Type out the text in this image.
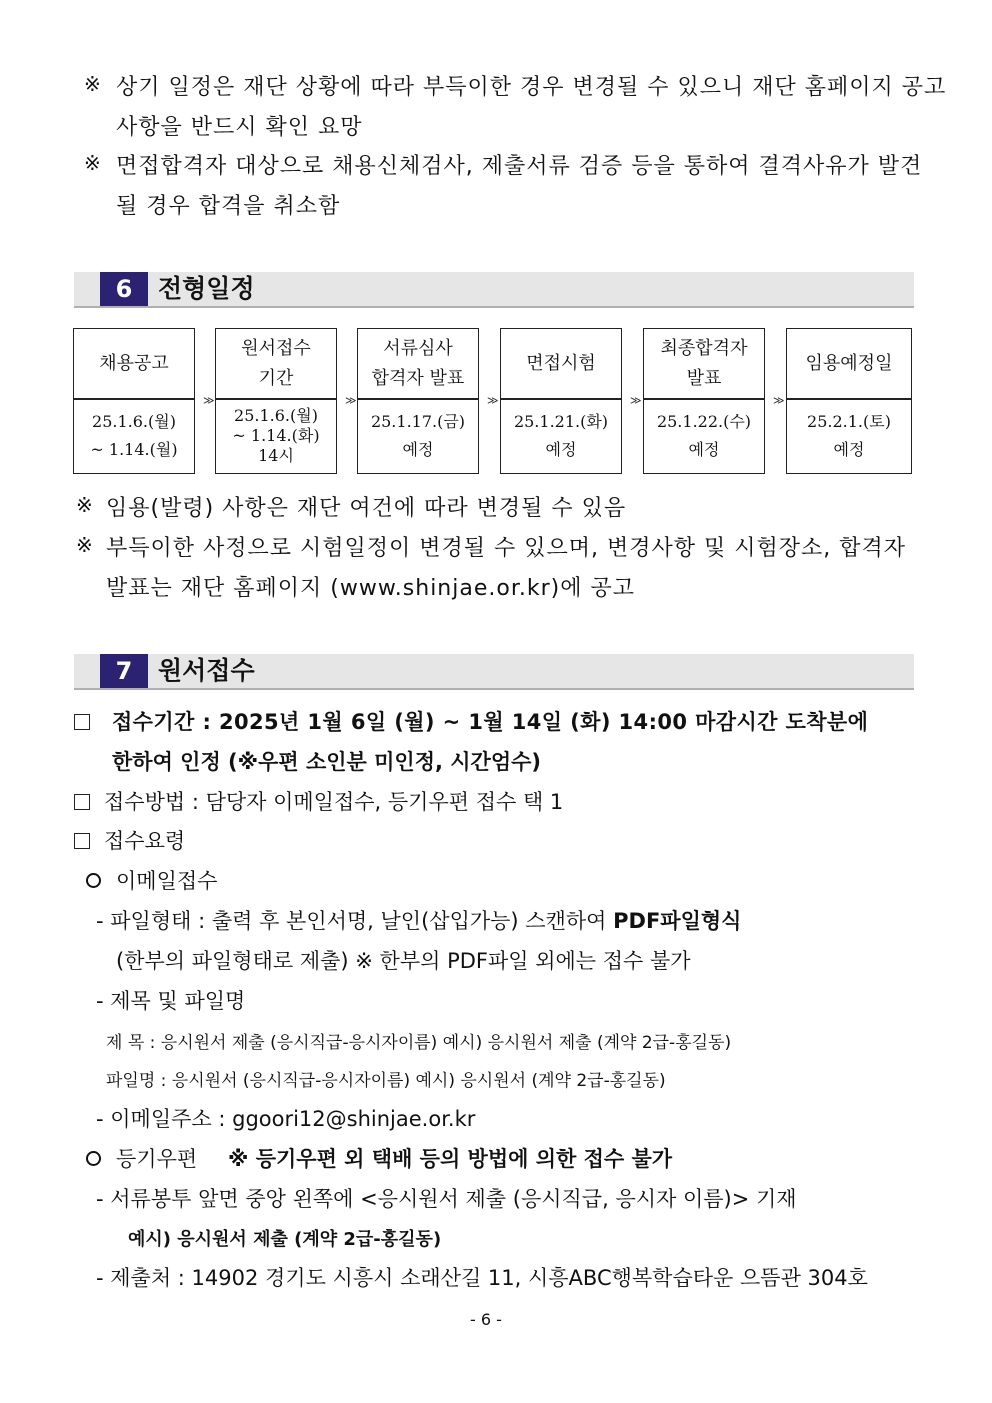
※ 상기 일정은 재단 상황에 따라 부득이한 경우 변경될 수 있으니 재단 홈페이지 공고
사항을 반드시 확인 요망
※ 면접합격자 대상으로 채용신체검사, 제출서류 검증 등을 통하여 결격사유가 발견
될 경우 합격을 취소함
6	전형일정
채용공고
25.1.6.(월)
~ 1.14.(월)
≫
원서접수
기간
25.1.6.(월)
~ 1.14.(화)
14시
≫
서류심사
합격자 발표
25.1.17.(금)
예정
≫
면접시험
25.1.21.(화)
예정
≫
최종합격자
발표
25.1.22.(수)
예정
≫
임용예정일
25.2.1.(토)
예정
※ 임용(발령) 사항은 재단 여건에 따라 변경될 수 있음
※ 부득이한 사정으로 시험일정이 변경될 수 있으며, 변경사항 및 시험장소, 합격자
발표는 재단 홈페이지 (www.shinjae.or.kr)에 공고
7	원서접수
접수기간 : 2025년 1월 6일 (월) ~ 1월 14일 (화) 14:00 마감시간 도착분에
한하여 인정 (※우편 소인분 미인정, 시간엄수)
접수방법 : 담당자 이메일접수, 등기우편 접수 택 1
접수요령
이메일접수
- 파일형태 : 출력 후 본인서명, 날인(삽입가능) 스캔하여 PDF파일형식
(한부의 파일형태로 제출) ※ 한부의 PDF파일 외에는 접수 불가
- 제목 및 파일명
제 목 : 응시원서 제출 (응시직급-응시자이름) 예시) 응시원서 제출 (계약 2급-홍길동)
파일명 : 응시원서 (응시직급-응시자이름) 예시) 응시원서 (계약 2급-홍길동)
- 이메일주소 : ggoori12@shinjae.or.kr
등기우편 ※ 등기우편 외 택배 등의 방법에 의한 접수 불가
- 서류봉투 앞면 중앙 왼쪽에 <응시원서 제출 (응시직급, 응시자 이름)> 기재
예시) 응시원서 제출 (계약 2급-홍길동)
- 제출처 : 14902 경기도 시흥시 소래산길 11, 시흥ABC행복학습타운 으뜸관 304호
- 6 -
